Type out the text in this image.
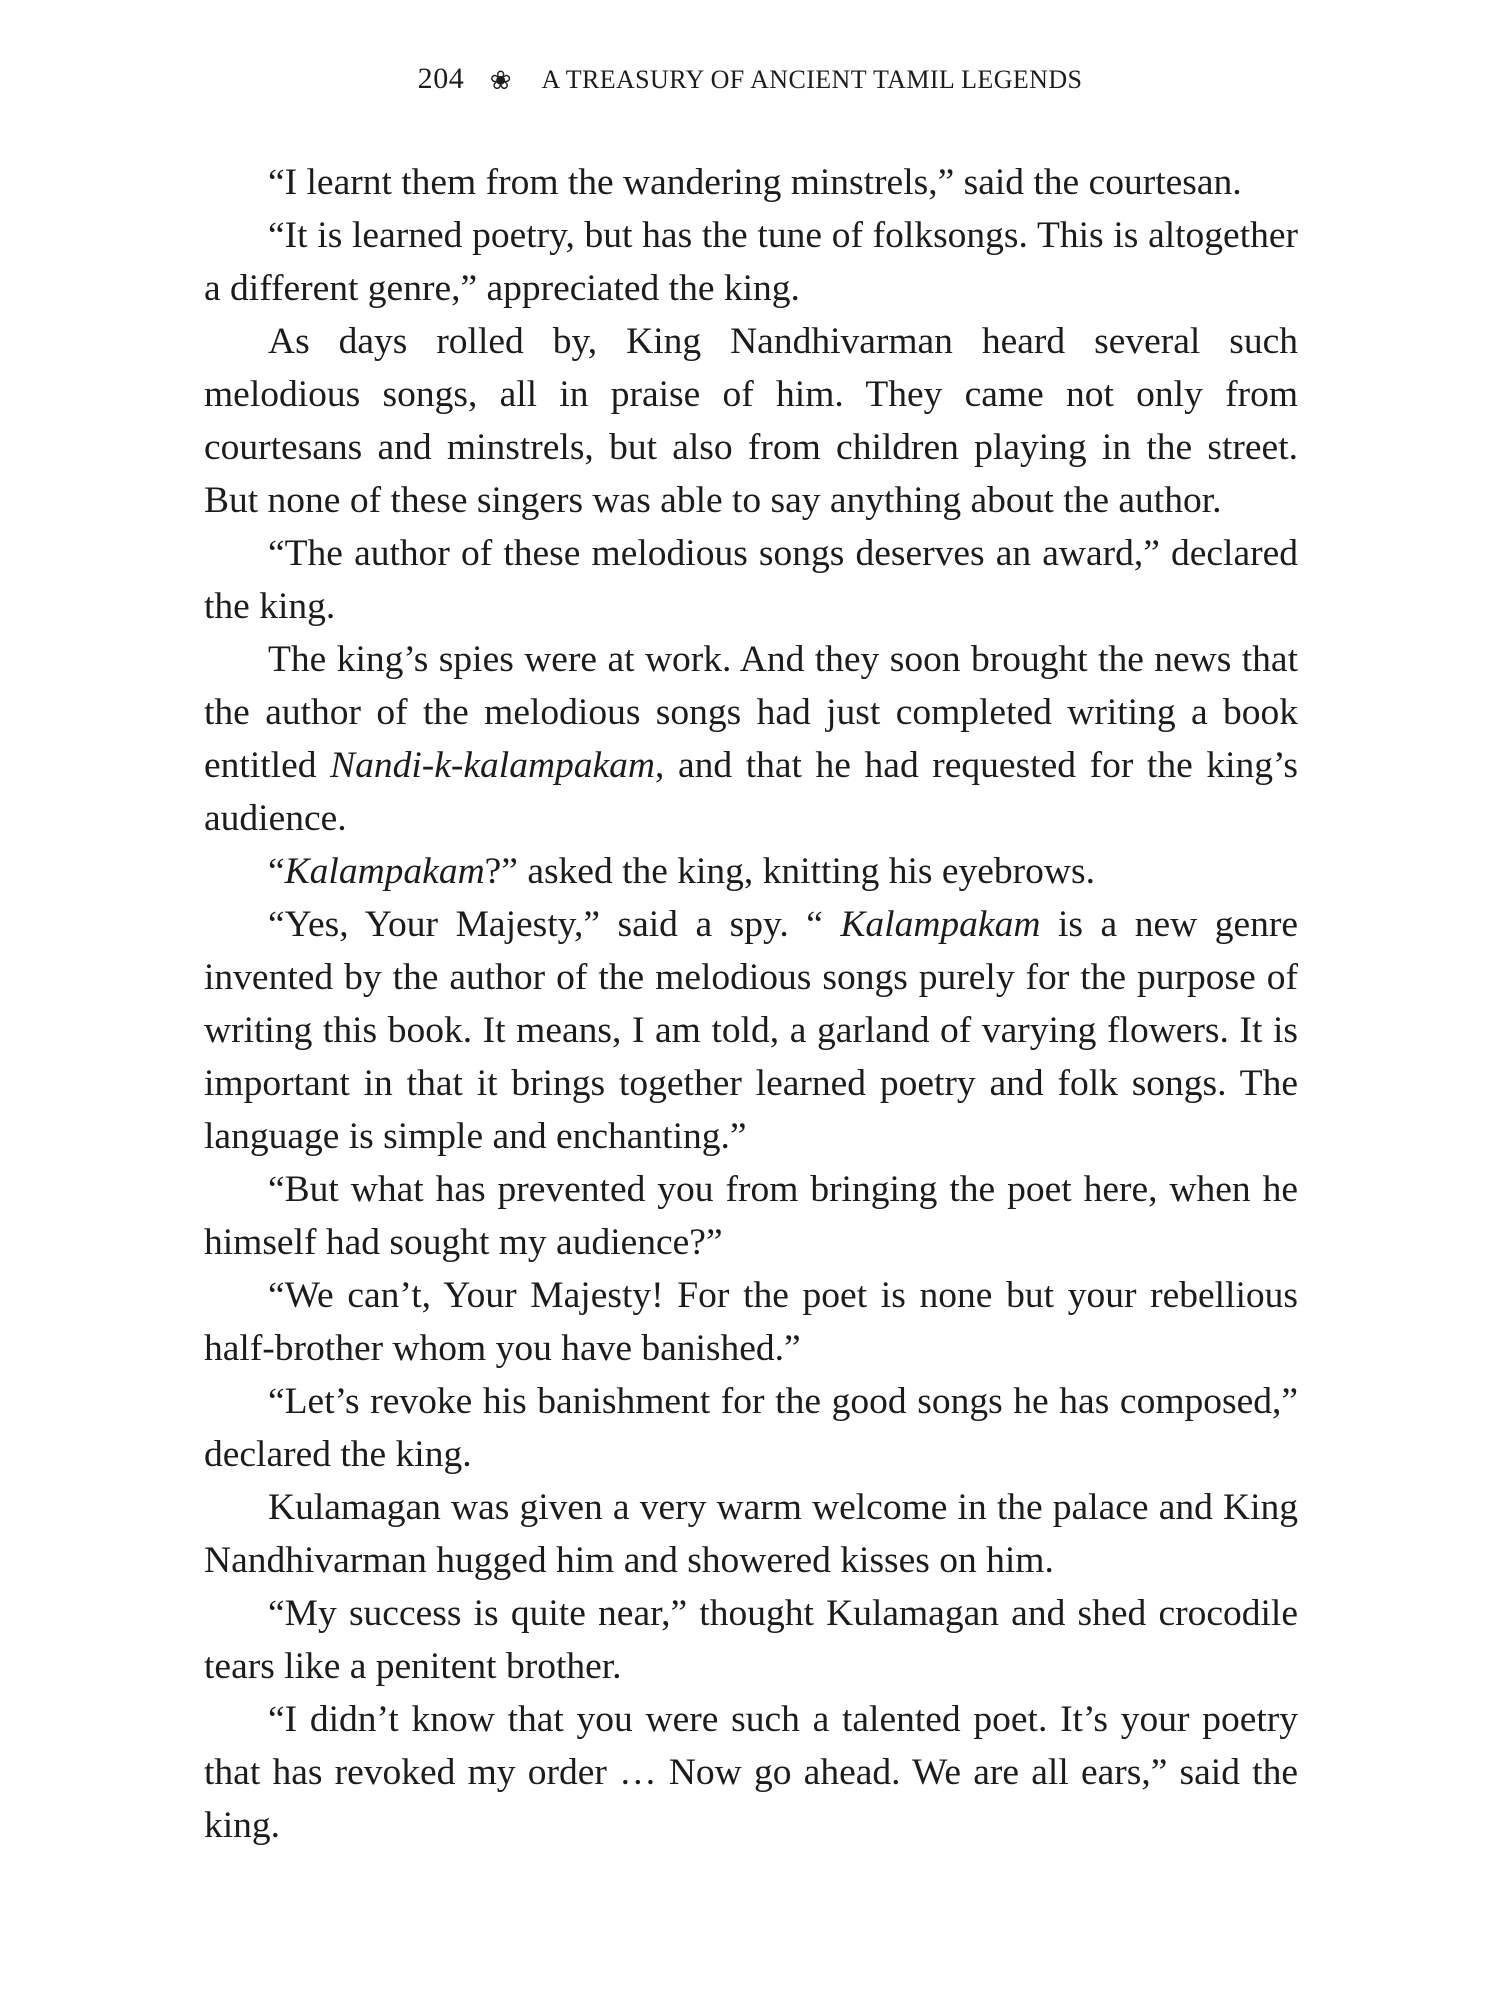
204 ❀ A TREASURY OF ANCIENT TAMIL LEGENDS

“I learnt them from the wandering minstrels,” said the courtesan.

“It is learned poetry, but has the tune of folksongs. This is altogether a different genre,” appreciated the king.

As days rolled by, King Nandhivarman heard several such melodious songs, all in praise of him. They came not only from courtesans and minstrels, but also from children playing in the street. But none of these singers was able to say anything about the author.

“The author of these melodious songs deserves an award,” declared the king.

The king’s spies were at work. And they soon brought the news that the author of the melodious songs had just completed writing a book entitled Nandi-k-kalampakam, and that he had requested for the king’s audience.

“Kalampakam?” asked the king, knitting his eyebrows.

“Yes, Your Majesty,” said a spy. “ Kalampakam is a new genre invented by the author of the melodious songs purely for the purpose of writing this book. It means, I am told, a garland of varying flowers. It is important in that it brings together learned poetry and folk songs. The language is simple and enchanting.”

“But what has prevented you from bringing the poet here, when he himself had sought my audience?”

“We can’t, Your Majesty! For the poet is none but your rebellious half-brother whom you have banished.”

“Let’s revoke his banishment for the good songs he has composed,” declared the king.

Kulamagan was given a very warm welcome in the palace and King Nandhivarman hugged him and showered kisses on him.

“My success is quite near,” thought Kulamagan and shed crocodile tears like a penitent brother.

“I didn’t know that you were such a talented poet. It’s your poetry that has revoked my order … Now go ahead. We are all ears,” said the king.
